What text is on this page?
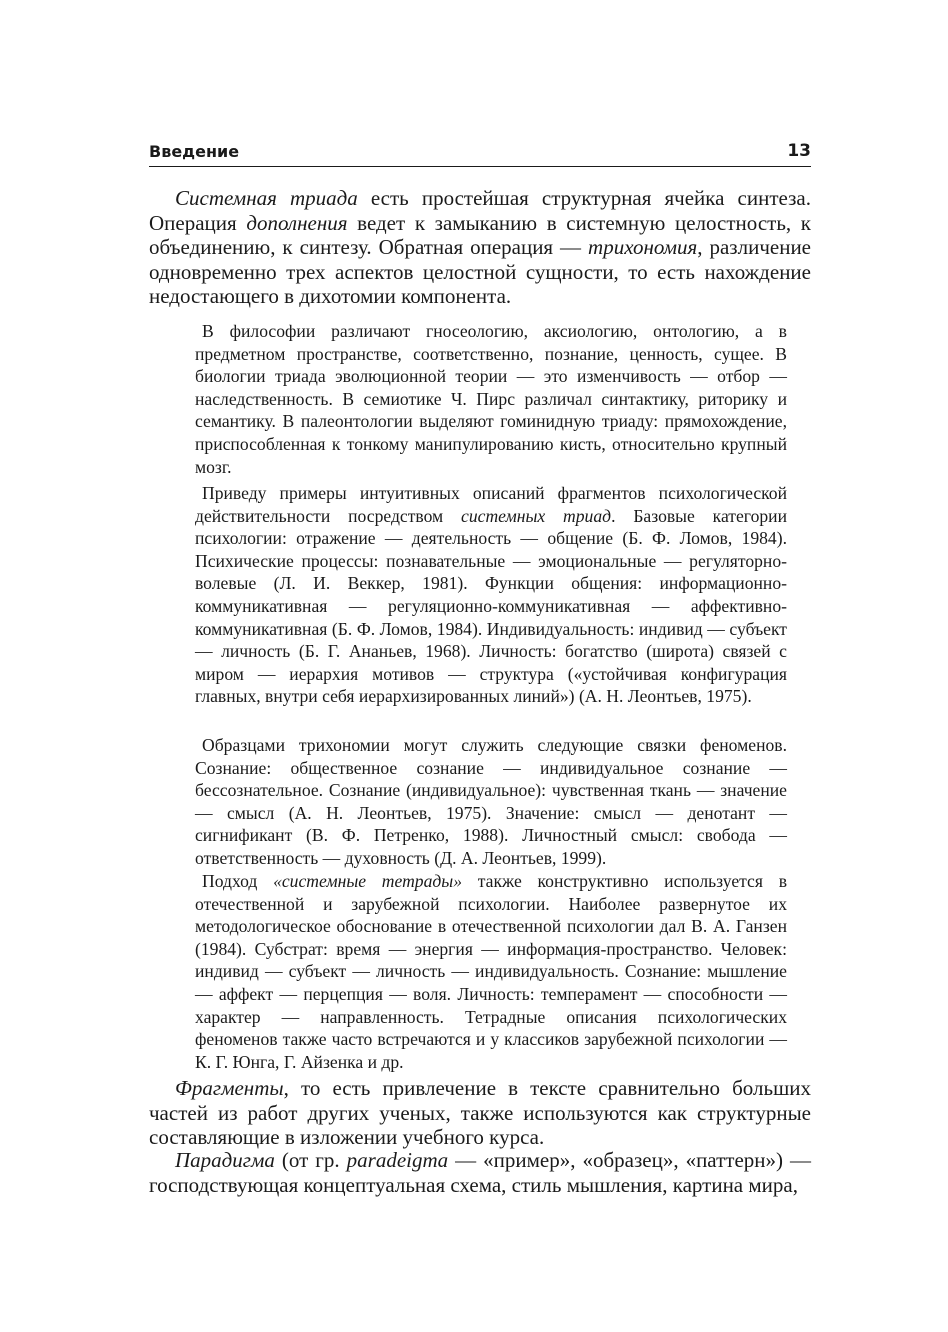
Введение	13

Системная триада есть простейшая структурная ячейка синтеза. Операция дополнения ведет к замыканию в системную целостность, к объединению, к синтезу. Обратная операция — трихономия, различение одновременно трех аспектов целостной сущности, то есть нахождение недостающего в дихотомии компонента.

В философии различают гносеологию, аксиологию, онтологию, а в предметном пространстве, соответственно, познание, ценность, сущее. В биологии триада эволюционной теории — это изменчивость — отбор — наследственность. В семиотике Ч. Пирс различал синтактику, риторику и семантику. В палеонтологии выделяют гоминидную триаду: прямохождение, приспособленная к тонкому манипулированию кисть, относительно крупный мозг.

Приведу примеры интуитивных описаний фрагментов психологической действительности посредством системных триад. Базовые категории психологии: отражение — деятельность — общение (Б. Ф. Ломов, 1984). Психические процессы: познавательные — эмоциональные — регуляторно-волевые (Л. И. Веккер, 1981). Функции общения: информационно-коммуникативная — регуляционно-коммуникативная — аффективно-коммуникативная (Б. Ф. Ломов, 1984). Индивидуальность: индивид — субъект — личность (Б. Г. Ананьев, 1968). Личность: богатство (широта) связей с миром — иерархия мотивов — структура («устойчивая конфигурация главных, внутри себя иерархизированных линий») (А. Н. Леонтьев, 1975).

Образцами трихономии могут служить следующие связки феноменов. Сознание: общественное сознание — индивидуальное сознание — бессознательное. Сознание (индивидуальное): чувственная ткань — значение — смысл (А. Н. Леонтьев, 1975). Значение: смысл — денотант — сигнификант (В. Ф. Петренко, 1988). Личностный смысл: свобода — ответственность — духовность (Д. А. Леонтьев, 1999).

Подход «системные тетрады» также конструктивно используется в отечественной и зарубежной психологии. Наиболее развернутое их методологическое обоснование в отечественной психологии дал В. А. Ганзен (1984). Субстрат: время — энергия — информация-пространство. Человек: индивид — субъект — личность — индивидуальность. Сознание: мышление — аффект — перцепция — воля. Личность: темперамент — способности — характер — направленность. Тетрадные описания психологических феноменов также часто встречаются и у классиков зарубежной психологии — К. Г. Юнга, Г. Айзенка и др.

Фрагменты, то есть привлечение в тексте сравнительно больших частей из работ других ученых, также используются как структурные составляющие в изложении учебного курса.

Парадигма (от гр. paradeigma — «пример», «образец», «паттерн») — господствующая концептуальная схема, стиль мышления, картина мира,
